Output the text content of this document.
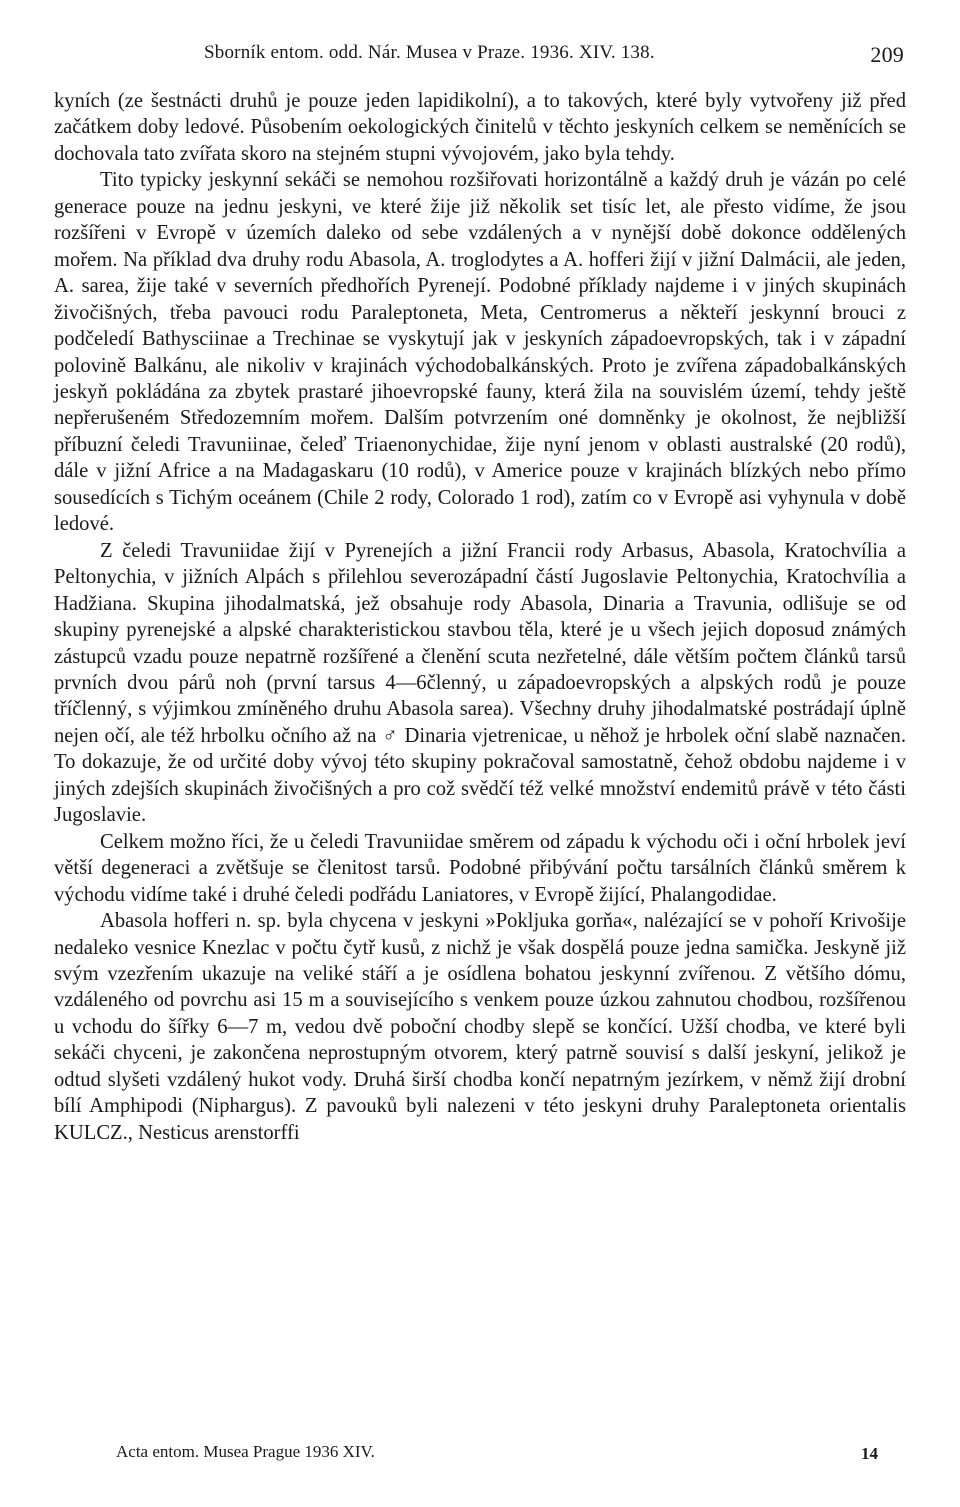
Sborník entom. odd. Nár. Musea v Praze. 1936. XIV. 138.	209

kyních (ze šestnácti druhů je pouze jeden lapidikolní), a to takových, které byly vytvořeny již před začátkem doby ledové. Působením oekologických činitelů v těchto jeskyních celkem se neměnících se dochovala tato zvířata skoro na stejném stupni vývojovém, jako byla tehdy.

Tito typicky jeskynní sekáči se nemohou rozšiřovati horizontálně a každý druh je vázán po celé generace pouze na jednu jeskyni, ve které žije již několik set tisíc let, ale přesto vidíme, že jsou rozšířeni v Evropě v územích daleko od sebe vzdálených a v nynější době dokonce oddělených mořem. Na příklad dva druhy rodu Abasola, A. troglodytes a A. hofferi žijí v jižní Dalmácii, ale jeden, A. sarea, žije také v severních předhořích Pyrenejí. Podobné příklady najdeme i v jiných skupinách živočišných, třeba pavouci rodu Paraleptoneta, Meta, Centromerus a někteří jeskynní brouci z podčeledí Bathysciinae a Trechinae se vyskytují jak v jeskyních západoevropských, tak i v západní polovině Balkánu, ale nikoliv v krajinách východobalkánských. Proto je zvířena západobalkánských jeskyň pokládána za zbytek prastaré jihoevropské fauny, která žila na souvislém území, tehdy ještě nepřerušeném Středozemním mořem. Dalším potvrzením oné domněnky je okolnost, že nejbližší příbuzní čeledi Travuniinae, čeleď Triaenonychidae, žije nyní jenom v oblasti australské (20 rodů), dále v jižní Africe a na Madagaskaru (10 rodů), v Americe pouze v krajinách blízkých nebo přímo sousedících s Tichým oceánem (Chile 2 rody, Colorado 1 rod), zatím co v Evropě asi vyhynula v době ledové.

Z čeledi Travuniidae žijí v Pyrenejích a jižní Francii rody Arbasus, Abasola, Kratochvília a Peltonychia, v jižních Alpách s přilehlou severozápadní částí Jugoslavie Peltonychia, Kratochvília a Hadžiana. Skupina jihodalmatská, jež obsahuje rody Abasola, Dinaria a Travunia, odlišuje se od skupiny pyrenejské a alpské charakteristickou stavbou těla, které je u všech jejich doposud známých zástupců vzadu pouze nepatrně rozšířené a členění scuta nezřetelné, dále větším počtem článků tarsů prvních dvou párů noh (první tarsus 4—6členný, u západoevropských a alpských rodů je pouze tříčlenný, s výjimkou zmíněného druhu Abasola sarea). Všechny druhy jihodalmatské postrádají úplně nejen očí, ale též hrbolku očního až na ♂ Dinaria vjetrenicae, u něhož je hrbolek oční slabě naznačen. To dokazuje, že od určité doby vývoj této skupiny pokračoval samostatně, čehož obdobu najdeme i v jiných zdejších skupinách živočišných a pro což svědčí též velké množství endemitů právě v této části Jugoslavie.

Celkem možno říci, že u čeledi Travuniidae směrem od západu k východu oči i oční hrbolek jeví větší degeneraci a zvětšuje se členitost tarsů. Podobné přibývání počtu tarsálních článků směrem k východu vidíme také i druhé čeledi podřádu Laniatores, v Evropě žijící, Phalangodidae.

Abasola hofferi n. sp. byla chycena v jeskyni »Pokljuka gorňa«, nalézající se v pohoří Krivošije nedaleko vesnice Knezlac v počtu čytř kusů, z nichž je však dospělá pouze jedna samička. Jeskyně již svým vzezřením ukazuje na veliké stáří a je osídlena bohatou jeskynní zvířenou. Z většího dómu, vzdáleného od povrchu asi 15 m a souvisejícího s venkem pouze úzkou zahnutou chodbou, rozšířenou u vchodu do šířky 6—7 m, vedou dvě poboční chodby slepě se končící. Užší chodba, ve které byli sekáči chyceni, je zakončena neprostupným otvorem, který patrně souvisí s další jeskyní, jelikož je odtud slyšeti vzdálený hukot vody. Druhá širší chodba končí nepatrným jezírkem, v němž žijí drobní bílí Amphipodi (Niphargus). Z pavouků byli nalezeni v této jeskyni druhy Paraleptoneta orientalis KULCZ., Nesticus arenstorffi

Acta entom. Musea Prague 1936 XIV.	14
